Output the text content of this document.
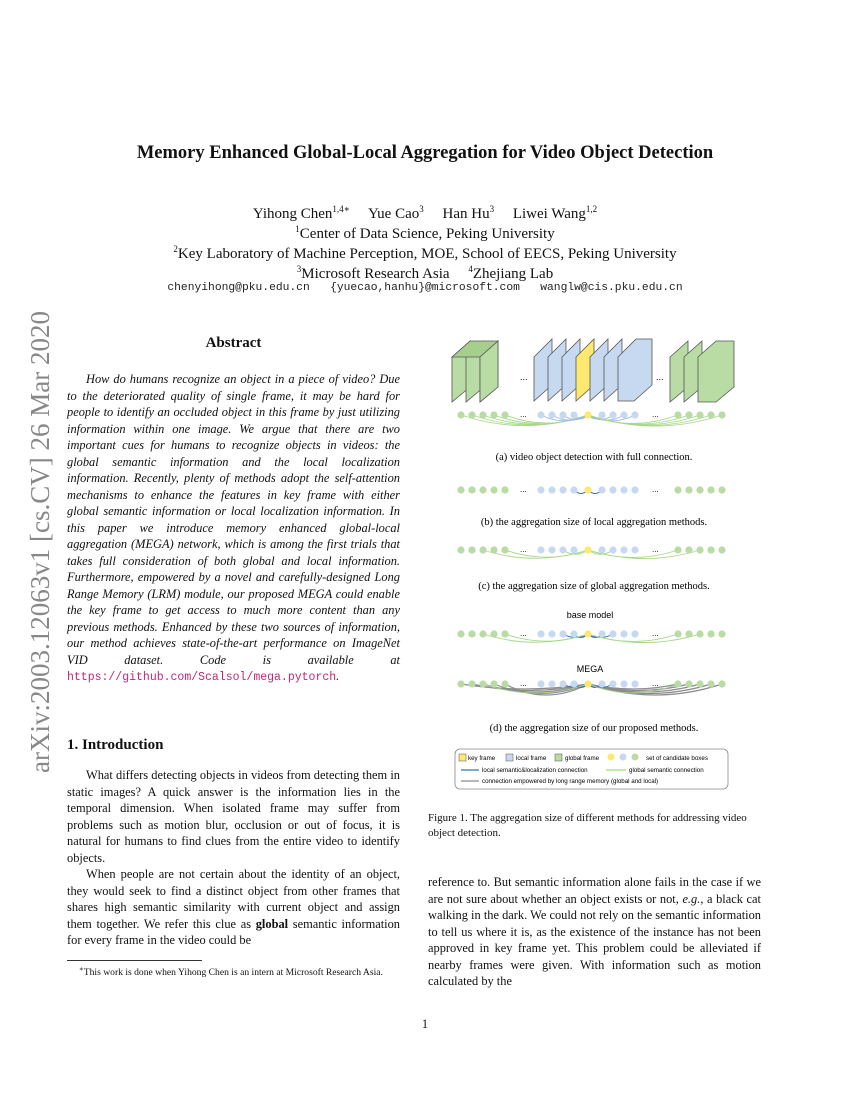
arXiv:2003.12063v1 [cs.CV] 26 Mar 2020
Memory Enhanced Global-Local Aggregation for Video Object Detection
Yihong Chen$^{1,4∗}$ Yue Cao$^3$ Han Hu$^3$ Liwei Wang$^{1,2}$
$^1$Center of Data Science, Peking University
$^2$Key Laboratory of Machine Perception, MOE, School of EECS, Peking University
$^3$Microsoft Research Asia $^4$Zhejiang Lab
chenyihong@pku.edu.cn   {yuecao,hanhu}@microsoft.com   wanglw@cis.pku.edu.cn
Abstract
How do humans recognize an object in a piece of video? Due to the deteriorated quality of single frame, it may be hard for people to identify an occluded object in this frame by just utilizing information within one image. We argue that there are two important cues for humans to recognize objects in videos: the global semantic information and the local localization information. Recently, plenty of methods adopt the self-attention mechanisms to enhance the features in key frame with either global semantic information or local localization information. In this paper we introduce memory enhanced global-local aggregation (MEGA) network, which is among the first trials that takes full consideration of both global and local information. Furthermore, empowered by a novel and carefully-designed Long Range Memory (LRM) module, our proposed MEGA could enable the key frame to get access to much more content than any previous methods. Enhanced by these two sources of information, our method achieves state-of-the-art performance on ImageNet VID dataset. Code is available at https://github.com/Scalsol/mega.pytorch.
1. Introduction
What differs detecting objects in videos from detecting them in static images? A quick answer is the information lies in the temporal dimension. When isolated frame may suffer from problems such as motion blur, occlusion or out of focus, it is natural for humans to find clues from the entire video to identify objects.
When people are not certain about the identity of an object, they would seek to find a distinct object from other frames that shares high semantic similarity with current object and assign them together. We refer this clue as global semantic information for every frame in the video could be
∗This work is done when Yihong Chen is an intern at Microsoft Research Asia.
reference to. But semantic information alone fails in the case if we are not sure about whether an object exists or not, e.g., a black cat walking in the dark. We could not rely on the semantic information to tell us where it is, as the existence of the instance has not been approved in key frame yet. This problem could be alleviated if nearby frames were given. With information such as motion calculated by the
...	...
...	...
(a) video object detection with full connection.
...	...
(b) the aggregation size of local aggregation methods.
...	...
(c) the aggregation size of global aggregation methods.
base model
...	...
MEGA
...	...
(d) the aggregation size of our proposed methods.
key frame	local frame	global frame	set of candidate boxes
local semantic&localization connection	global semantic connection
connection empowered by long range memory (global and local)
Figure 1. The aggregation size of different methods for addressing video object detection.
1
